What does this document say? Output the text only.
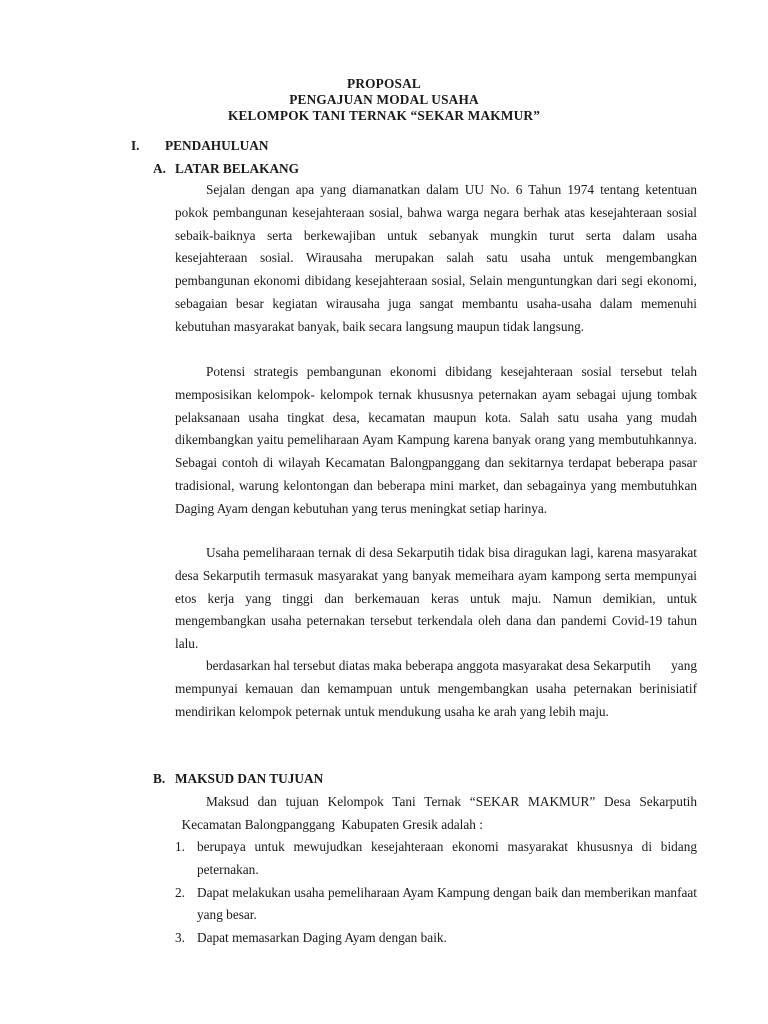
PROPOSAL
PENGAJUAN MODAL USAHA
KELOMPOK TANI TERNAK “SEKAR MAKMUR”
I. PENDAHULUAN
A. LATAR BELAKANG

Sejalan dengan apa yang diamanatkan dalam UU No. 6 Tahun 1974 tentang ketentuan pokok pembangunan kesejahteraan sosial, bahwa warga negara berhak atas kesejahteraan sosial sebaik-baiknya serta berkewajiban untuk sebanyak mungkin turut serta dalam usaha kesejahteraan sosial. Wirausaha merupakan salah satu usaha untuk mengembangkan pembangunan ekonomi dibidang kesejahteraan sosial, Selain menguntungkan dari segi ekonomi, sebagaian besar kegiatan wirausaha juga sangat membantu usaha-usaha dalam memenuhi kebutuhan masyarakat banyak, baik secara langsung maupun tidak langsung.

Potensi strategis pembangunan ekonomi dibidang kesejahteraan sosial tersebut telah memposisikan kelompok- kelompok ternak khususnya peternakan ayam sebagai ujung tombak pelaksanaan usaha tingkat desa, kecamatan maupun kota. Salah satu usaha yang mudah dikembangkan yaitu pemeliharaan Ayam Kampung karena banyak orang yang membutuhkannya. Sebagai contoh di wilayah Kecamatan Balongpanggang dan sekitarnya terdapat beberapa pasar tradisional, warung kelontongan dan beberapa mini market, dan sebagainya yang membutuhkan Daging Ayam dengan kebutuhan yang terus meningkat setiap harinya.

Usaha pemeliharaan ternak di desa Sekarputih tidak bisa diragukan lagi, karena masyarakat desa Sekarputih termasuk masyarakat yang banyak memeihara ayam kampong serta mempunyai etos kerja yang tinggi dan berkemauan keras untuk maju. Namun demikian, untuk mengembangkan usaha peternakan tersebut terkendala oleh dana dan pandemi Covid-19 tahun lalu.

berdasarkan hal tersebut diatas maka beberapa anggota masyarakat desa Sekarputih      yang mempunyai kemauan dan kemampuan untuk mengembangkan usaha peternakan berinisiatif mendirikan kelompok peternak untuk mendukung usaha ke arah yang lebih maju.

B. MAKSUD DAN TUJUAN

Maksud dan tujuan Kelompok Tani Ternak “SEKAR MAKMUR” Desa Sekarputih   Kecamatan Balongpanggang  Kabupaten Gresik adalah :

1. berupaya untuk mewujudkan kesejahteraan ekonomi masyarakat khususnya di bidang peternakan.
2. Dapat melakukan usaha pemeliharaan Ayam Kampung dengan baik dan memberikan manfaat yang besar.
3. Dapat memasarkan Daging Ayam dengan baik.
